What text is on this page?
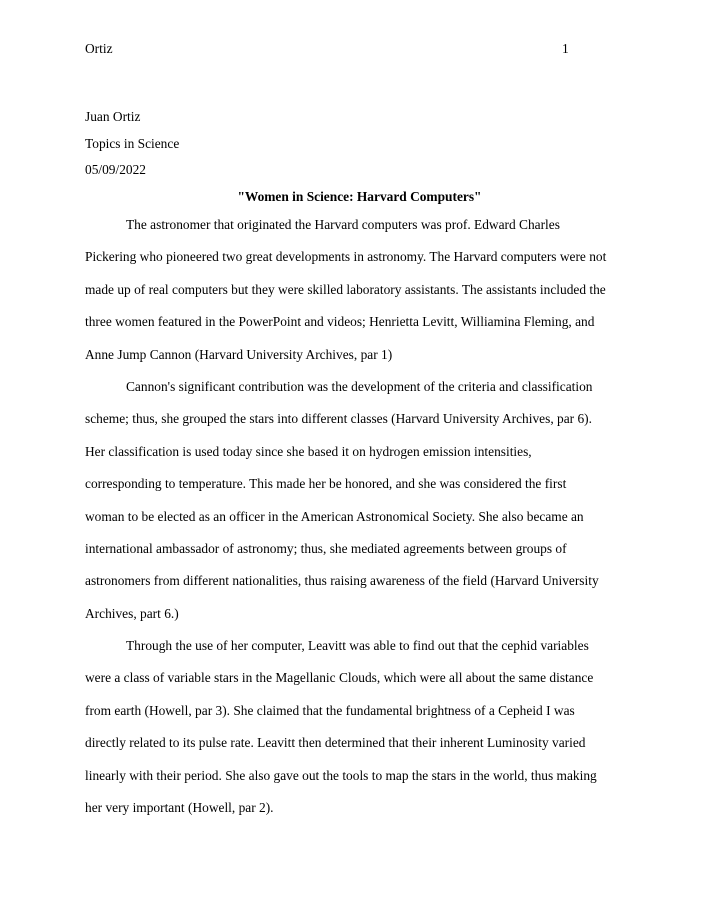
Ortiz	1
Juan Ortiz
Topics in Science
05/09/2022
"Women in Science: Harvard Computers"
The astronomer that originated the Harvard computers was prof. Edward Charles
Pickering who pioneered two great developments in astronomy. The Harvard computers were not
made up of real computers but they were skilled laboratory assistants. The assistants included the
three women featured in the PowerPoint and videos; Henrietta Levitt, Williamina Fleming, and
Anne Jump Cannon (Harvard University Archives, par 1)
Cannon's significant contribution was the development of the criteria and classification
scheme; thus, she grouped the stars into different classes (Harvard University Archives, par 6).
Her classification is used today since she based it on hydrogen emission intensities,
corresponding to temperature. This made her be honored, and she was considered the first
woman to be elected as an officer in the American Astronomical Society. She also became an
international ambassador of astronomy; thus, she mediated agreements between groups of
astronomers from different nationalities, thus raising awareness of the field (Harvard University
Archives, part 6.)
Through the use of her computer, Leavitt was able to find out that the cephid variables
were a class of variable stars in the Magellanic Clouds, which were all about the same distance
from earth (Howell, par 3). She claimed that the fundamental brightness of a Cepheid I was
directly related to its pulse rate. Leavitt then determined that their inherent Luminosity varied
linearly with their period. She also gave out the tools to map the stars in the world, thus making
her very important (Howell, par 2).
